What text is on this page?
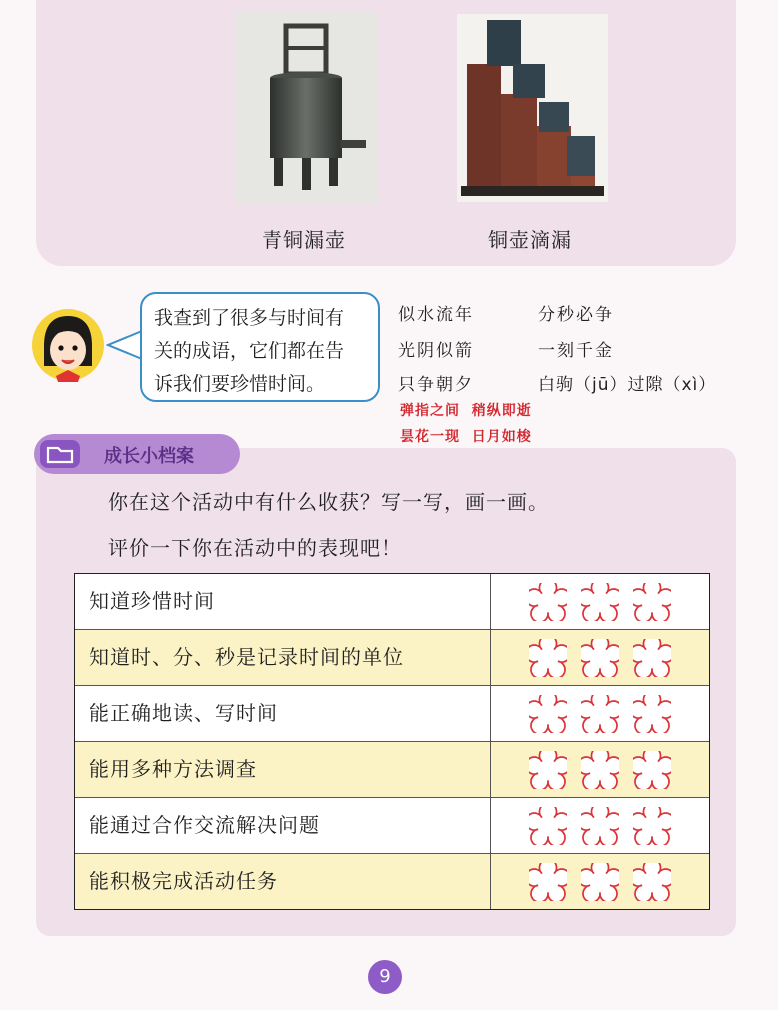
青铜漏壶	铜壶滴漏
我查到了很多与时间有
关的成语，它们都在告
诉我们要珍惜时间。
似水流年	分秒必争
光阴似箭	一刻千金
只争朝夕	白驹（jū）过隙（xì）
弹指之间  稍纵即逝
昙花一现  日月如梭
成长小档案
你在这个活动中有什么收获？写一写，画一画。
评价一下你在活动中的表现吧！
知道珍惜时间
知道时、分、秒是记录时间的单位
能正确地读、写时间
能用多种方法调查
能通过合作交流解决问题
能积极完成活动任务
9
